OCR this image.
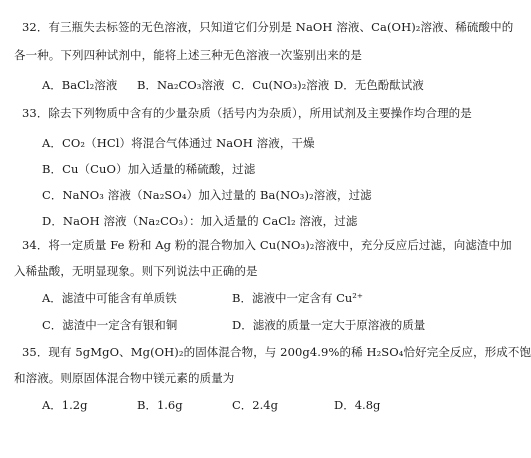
32．有三瓶失去标签的无色溶液，只知道它们分别是 NaOH 溶液、Ca(OH)₂溶液、稀硫酸中的
各一种。下列四种试剂中，能将上述三种无色溶液一次鉴别出来的是
A．BaCl₂溶液 B．Na₂CO₃溶液 C．Cu(NO₃)₂溶液 D．无色酚酞试液
33．除去下列物质中含有的少量杂质（括号内为杂质），所用试剂及主要操作均合理的是
A．CO₂（HCl）将混合气体通过 NaOH 溶液，干燥
B．Cu（CuO）加入适量的稀硫酸，过滤
C．NaNO₃ 溶液（Na₂SO₄）加入过量的 Ba(NO₃)₂溶液，过滤
D．NaOH 溶液（Na₂CO₃）：加入适量的 CaCl₂ 溶液，过滤
34．将一定质量 Fe 粉和 Ag 粉的混合物加入 Cu(NO₃)₂溶液中，充分反应后过滤，向滤渣中加
入稀盐酸，无明显现象。则下列说法中正确的是
A．滤渣中可能含有单质铁	B．滤液中一定含有 Cu²⁺
C．滤渣中一定含有银和铜	D．滤液的质量一定大于原溶液的质量
35．现有 5gMgO、Mg(OH)₂的固体混合物，与 200g4.9%的稀 H₂SO₄恰好完全反应，形成不饱
和溶液。则原固体混合物中镁元素的质量为
A．1.2g	B．1.6g	C．2.4g	D．4.8g
